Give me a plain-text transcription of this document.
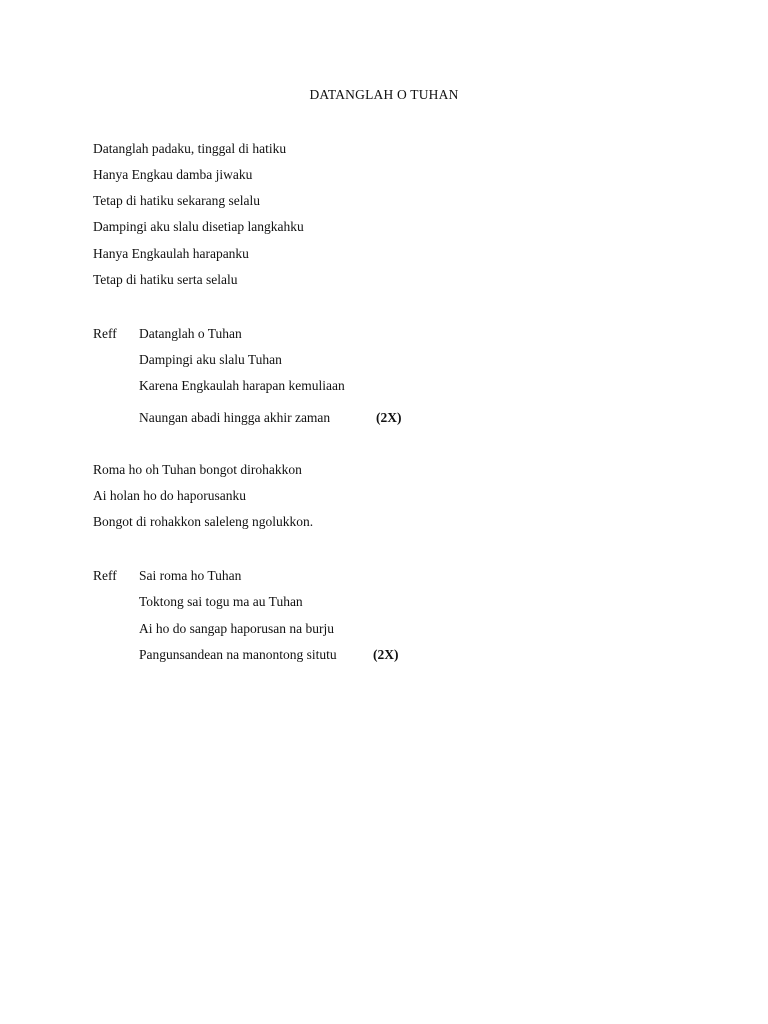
DATANGLAH O TUHAN
Datanglah padaku, tinggal di hatiku
Hanya Engkau damba jiwaku
Tetap di hatiku sekarang selalu
Dampingi aku slalu disetiap langkahku
Hanya Engkaulah harapanku
Tetap di hatiku serta selalu
Reff Datanglah o Tuhan
Dampingi aku slalu Tuhan
Karena Engkaulah harapan kemuliaan
Naungan abadi hingga akhir zaman	(2X)
Roma ho oh Tuhan bongot dirohakkon
Ai holan ho do haporusanku
Bongot di rohakkon saleleng ngolukkon.
Reff Sai roma ho Tuhan
Toktong sai togu ma au Tuhan
Ai ho do sangap haporusan na burju
Pangunsandean na manontong situtu	(2X)
